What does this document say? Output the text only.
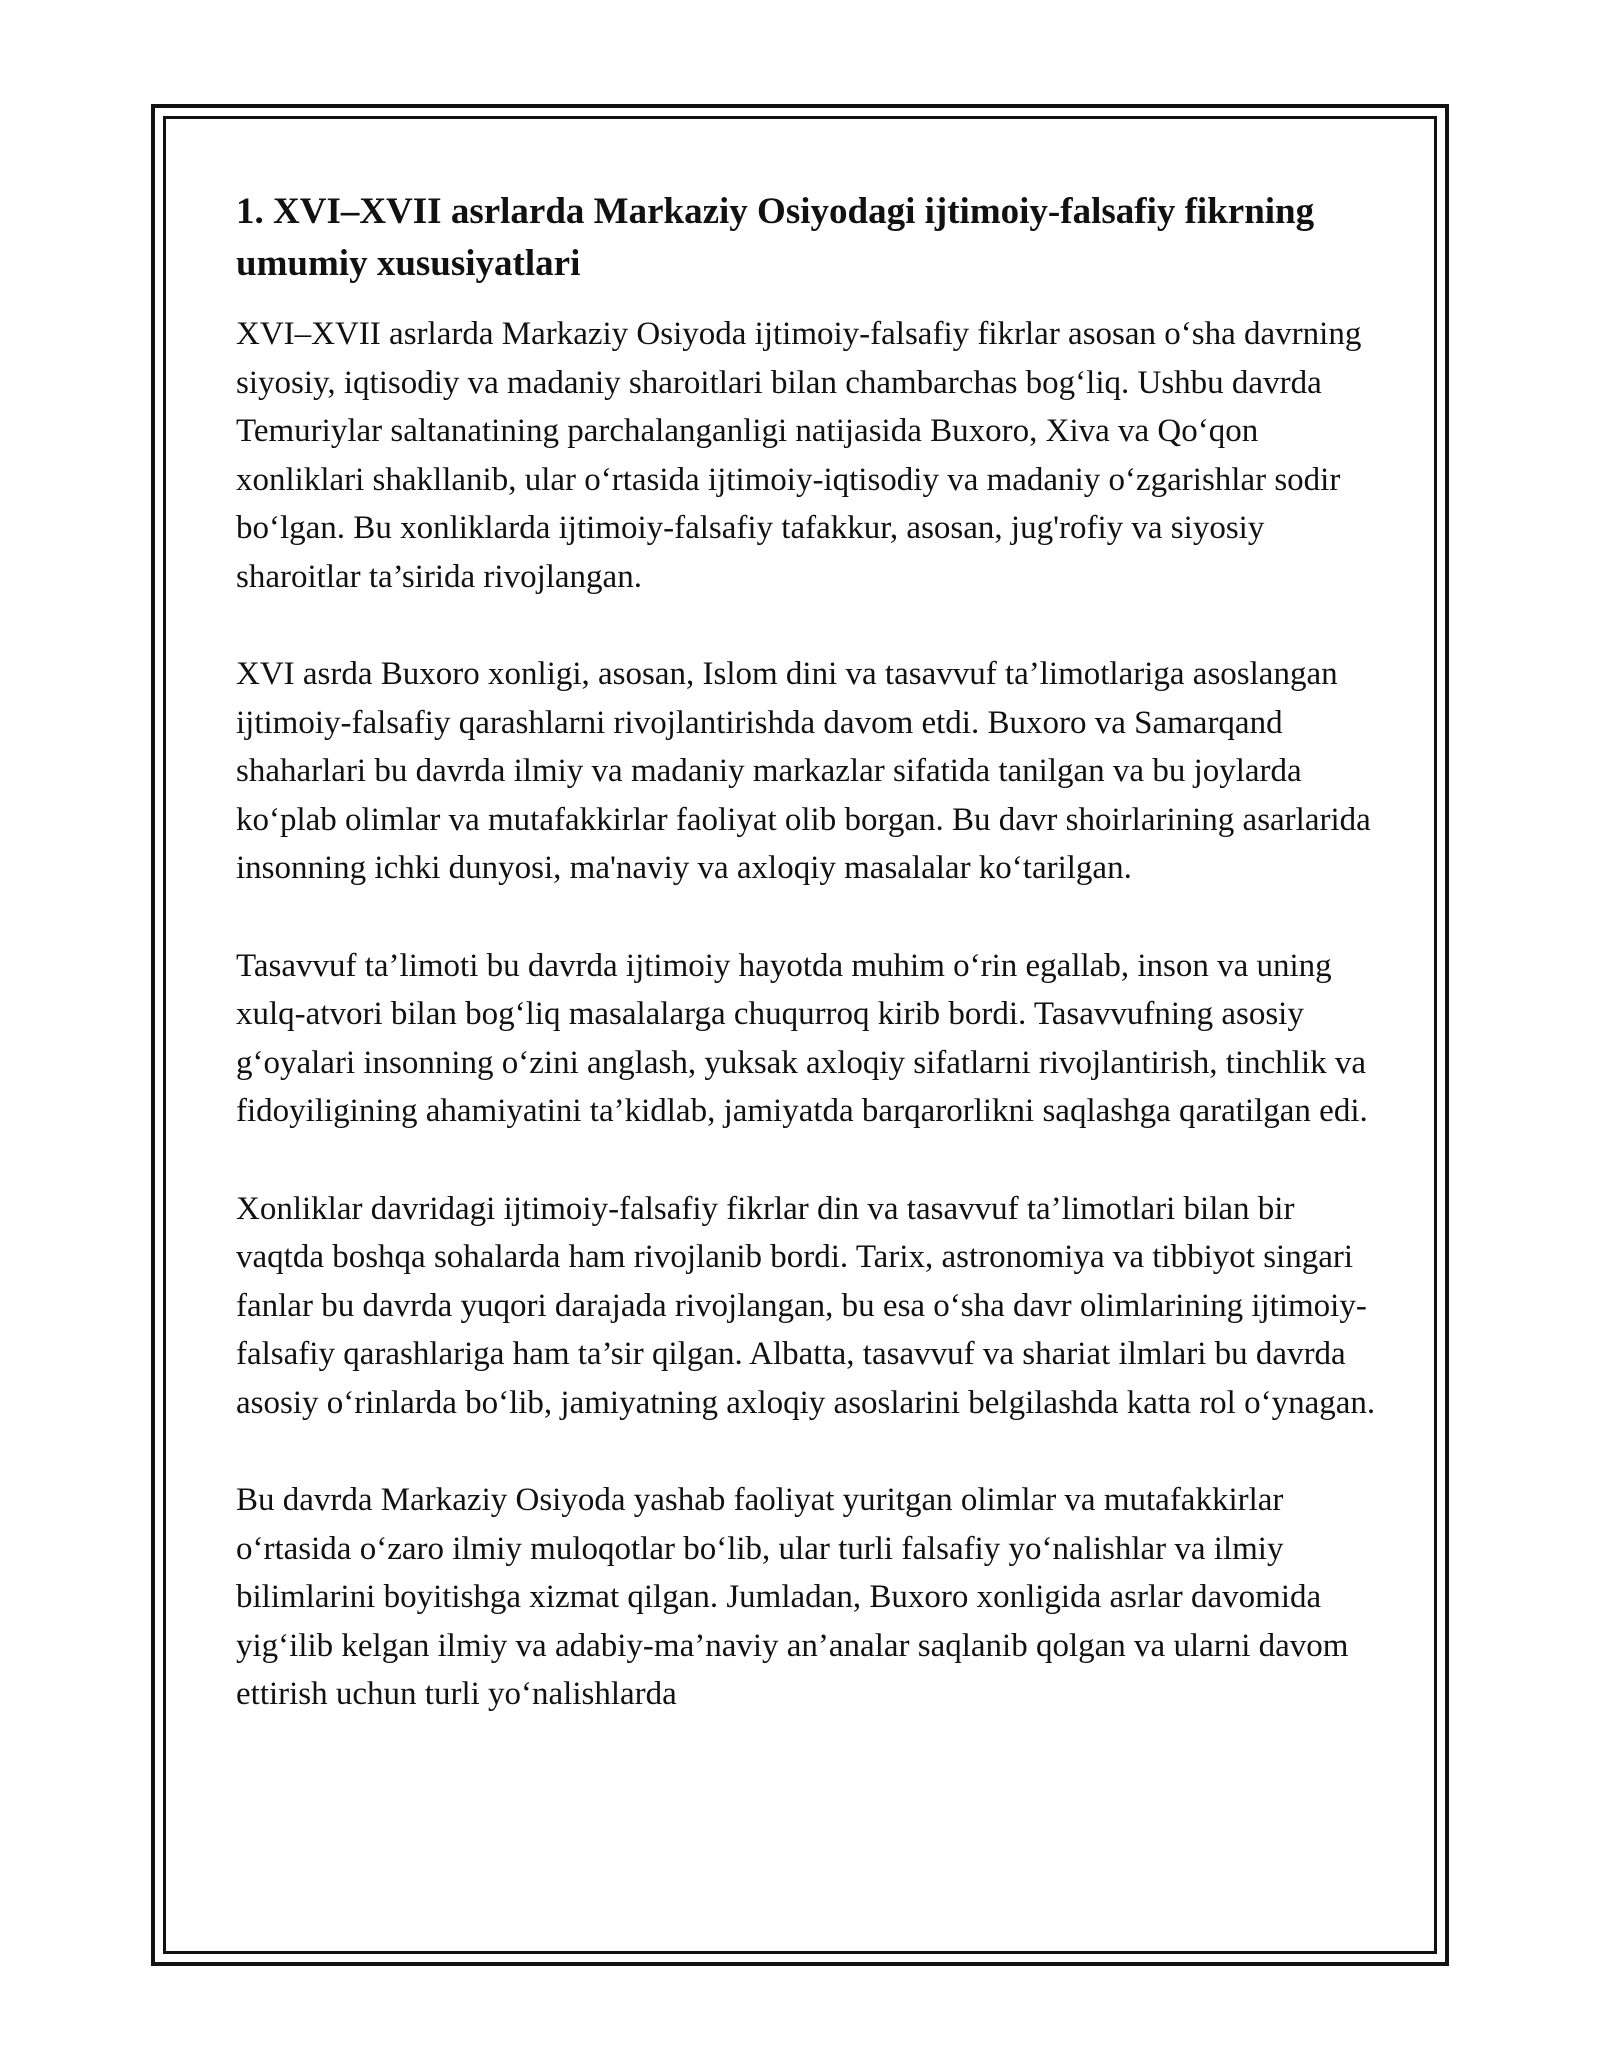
1. XVI–XVII asrlarda Markaziy Osiyodagi ijtimoiy-falsafiy fikrning umumiy xususiyatlari

XVI–XVII asrlarda Markaziy Osiyoda ijtimoiy-falsafiy fikrlar asosan o‘sha davrning siyosiy, iqtisodiy va madaniy sharoitlari bilan chambarchas bog‘liq. Ushbu davrda Temuriylar saltanatining parchalanganligi natijasida Buxoro, Xiva va Qo‘qon xonliklari shakllanib, ular o‘rtasida ijtimoiy-iqtisodiy va madaniy o‘zgarishlar sodir bo‘lgan. Bu xonliklarda ijtimoiy-falsafiy tafakkur, asosan, jug'rofiy va siyosiy sharoitlar ta’sirida rivojlangan.

XVI asrda Buxoro xonligi, asosan, Islom dini va tasavvuf ta’limotlariga asoslangan ijtimoiy-falsafiy qarashlarni rivojlantirishda davom etdi. Buxoro va Samarqand shaharlari bu davrda ilmiy va madaniy markazlar sifatida tanilgan va bu joylarda ko‘plab olimlar va mutafakkirlar faoliyat olib borgan. Bu davr shoirlarining asarlarida insonning ichki dunyosi, ma'naviy va axloqiy masalalar ko‘tarilgan.

Tasavvuf ta’limoti bu davrda ijtimoiy hayotda muhim o‘rin egallab, inson va uning xulq-atvori bilan bog‘liq masalalarga chuqurroq kirib bordi. Tasavvufning asosiy g‘oyalari insonning o‘zini anglash, yuksak axloqiy sifatlarni rivojlantirish, tinchlik va fidoyiligining ahamiyatini ta’kidlab, jamiyatda barqarorlikni saqlashga qaratilgan edi.

Xonliklar davridagi ijtimoiy-falsafiy fikrlar din va tasavvuf ta’limotlari bilan bir vaqtda boshqa sohalarda ham rivojlanib bordi. Tarix, astronomiya va tibbiyot singari fanlar bu davrda yuqori darajada rivojlangan, bu esa o‘sha davr olimlarining ijtimoiy-falsafiy qarashlariga ham ta’sir qilgan. Albatta, tasavvuf va shariat ilmlari bu davrda asosiy o‘rinlarda bo‘lib, jamiyatning axloqiy asoslarini belgilashda katta rol o‘ynagan.

Bu davrda Markaziy Osiyoda yashab faoliyat yuritgan olimlar va mutafakkirlar o‘rtasida o‘zaro ilmiy muloqotlar bo‘lib, ular turli falsafiy yo‘nalishlar va ilmiy bilimlarini boyitishga xizmat qilgan. Jumladan, Buxoro xonligida asrlar davomida yig‘ilib kelgan ilmiy va adabiy-ma’naviy an’analar saqlanib qolgan va ularni davom ettirish uchun turli yo‘nalishlarda
